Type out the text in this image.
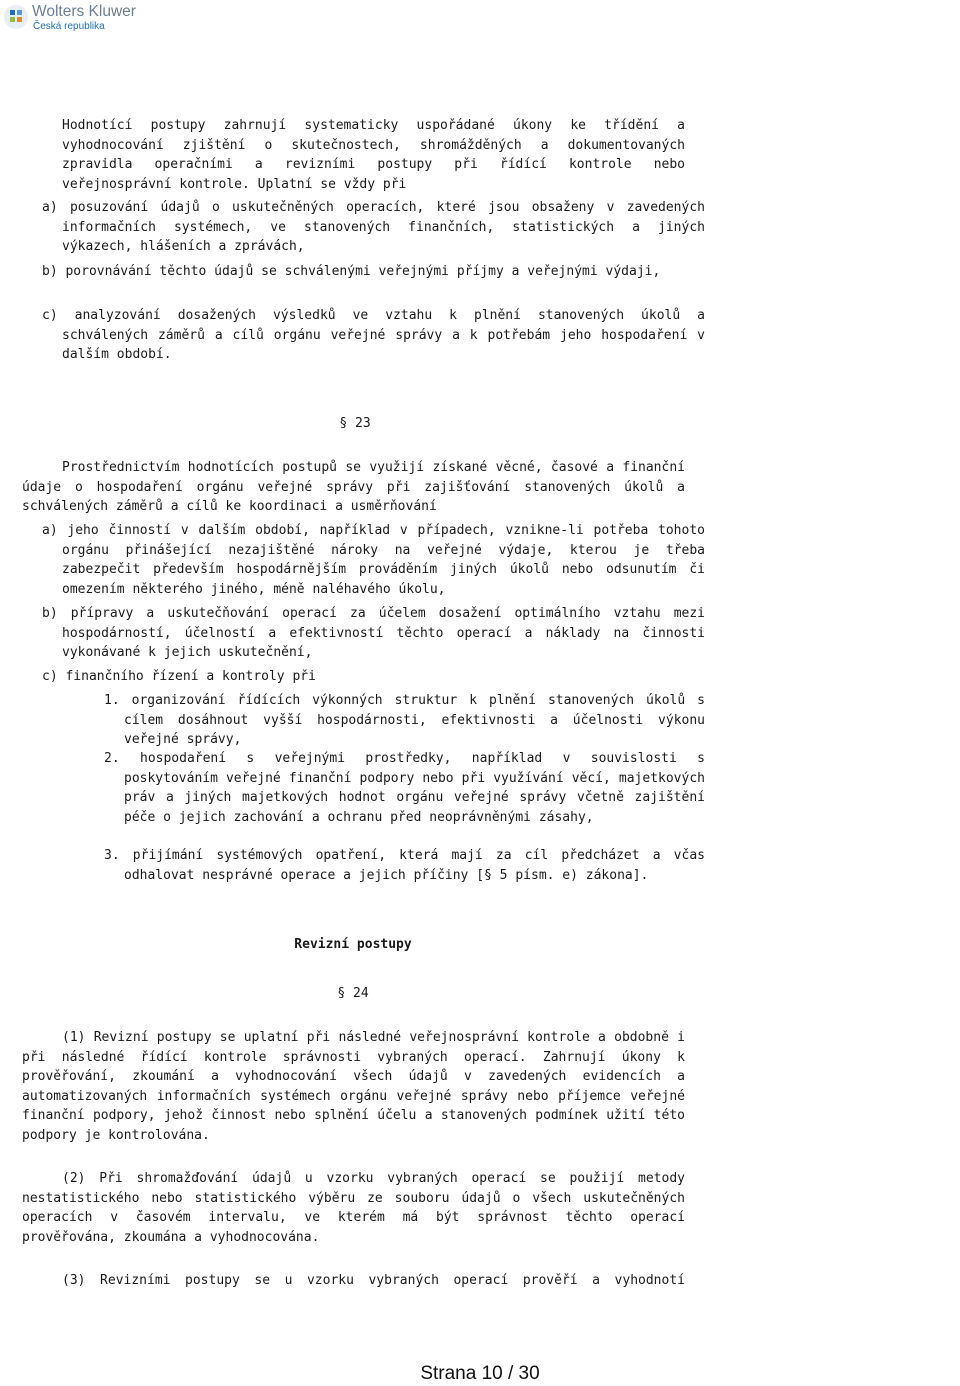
Wolters Kluwer
Česká republika

Hodnotící postupy zahrnují systematicky uspořádané úkony ke třídění a vyhodnocování zjištění o skutečnostech, shromážděných a dokumentovaných zpravidla operačními a revizními postupy při řídící kontrole nebo veřejnosprávní kontrole. Uplatní se vždy při

a) posuzování údajů o uskutečněných operacích, které jsou obsaženy v zavedených informačních systémech, ve stanovených finančních, statistických a jiných výkazech, hlášeních a zprávách,

b) porovnávání těchto údajů se schválenými veřejnými příjmy a veřejnými výdaji,

c) analyzování dosažených výsledků ve vztahu k plnění stanovených úkolů a schválených záměrů a cílů orgánu veřejné správy a k potřebám jeho hospodaření v dalším období.

§ 23

Prostřednictvím hodnotících postupů se využijí získané věcné, časové a finanční údaje o hospodaření orgánu veřejné správy při zajišťování stanovených úkolů a schválených záměrů a cílů ke koordinaci a usměrňování

a) jeho činností v dalším období, například v případech, vznikne-li potřeba tohoto orgánu přinášející nezajištěné nároky na veřejné výdaje, kterou je třeba zabezpečit především hospodárnějším prováděním jiných úkolů nebo odsunutím či omezením některého jiného, méně naléhavého úkolu,

b) přípravy a uskutečňování operací za účelem dosažení optimálního vztahu mezi hospodárností, účelností a efektivností těchto operací a náklady na činnosti vykonávané k jejich uskutečnění,

c) finančního řízení a kontroly při

1. organizování řídících výkonných struktur k plnění stanovených úkolů s cílem dosáhnout vyšší hospodárnosti, efektivnosti a účelnosti výkonu veřejné správy,

2. hospodaření s veřejnými prostředky, například v souvislosti s poskytováním veřejné finanční podpory nebo při využívání věcí, majetkových práv a jiných majetkových hodnot orgánu veřejné správy včetně zajištění péče o jejich zachování a ochranu před neoprávněnými zásahy,

3. přijímání systémových opatření, která mají za cíl předcházet a včas odhalovat nesprávné operace a jejich příčiny [§ 5 písm. e) zákona].

Revizní postupy

§ 24

(1) Revizní postupy se uplatní při následné veřejnosprávní kontrole a obdobně i při následné řídící kontrole správnosti vybraných operací. Zahrnují úkony k prověřování, zkoumání a vyhodnocování všech údajů v zavedených evidencích a automatizovaných informačních systémech orgánu veřejné správy nebo příjemce veřejné finanční podpory, jehož činnost nebo splnění účelu a stanovených podmínek užití této podpory je kontrolována.

(2) Při shromažďování údajů u vzorku vybraných operací se použijí metody nestatistického nebo statistického výběru ze souboru údajů o všech uskutečněných operacích v časovém intervalu, ve kterém má být správnost těchto operací prověřována, zkoumána a vyhodnocována.

(3) Revizními postupy se u vzorku vybraných operací prověří a vyhodnotí

Strana 10 / 30
